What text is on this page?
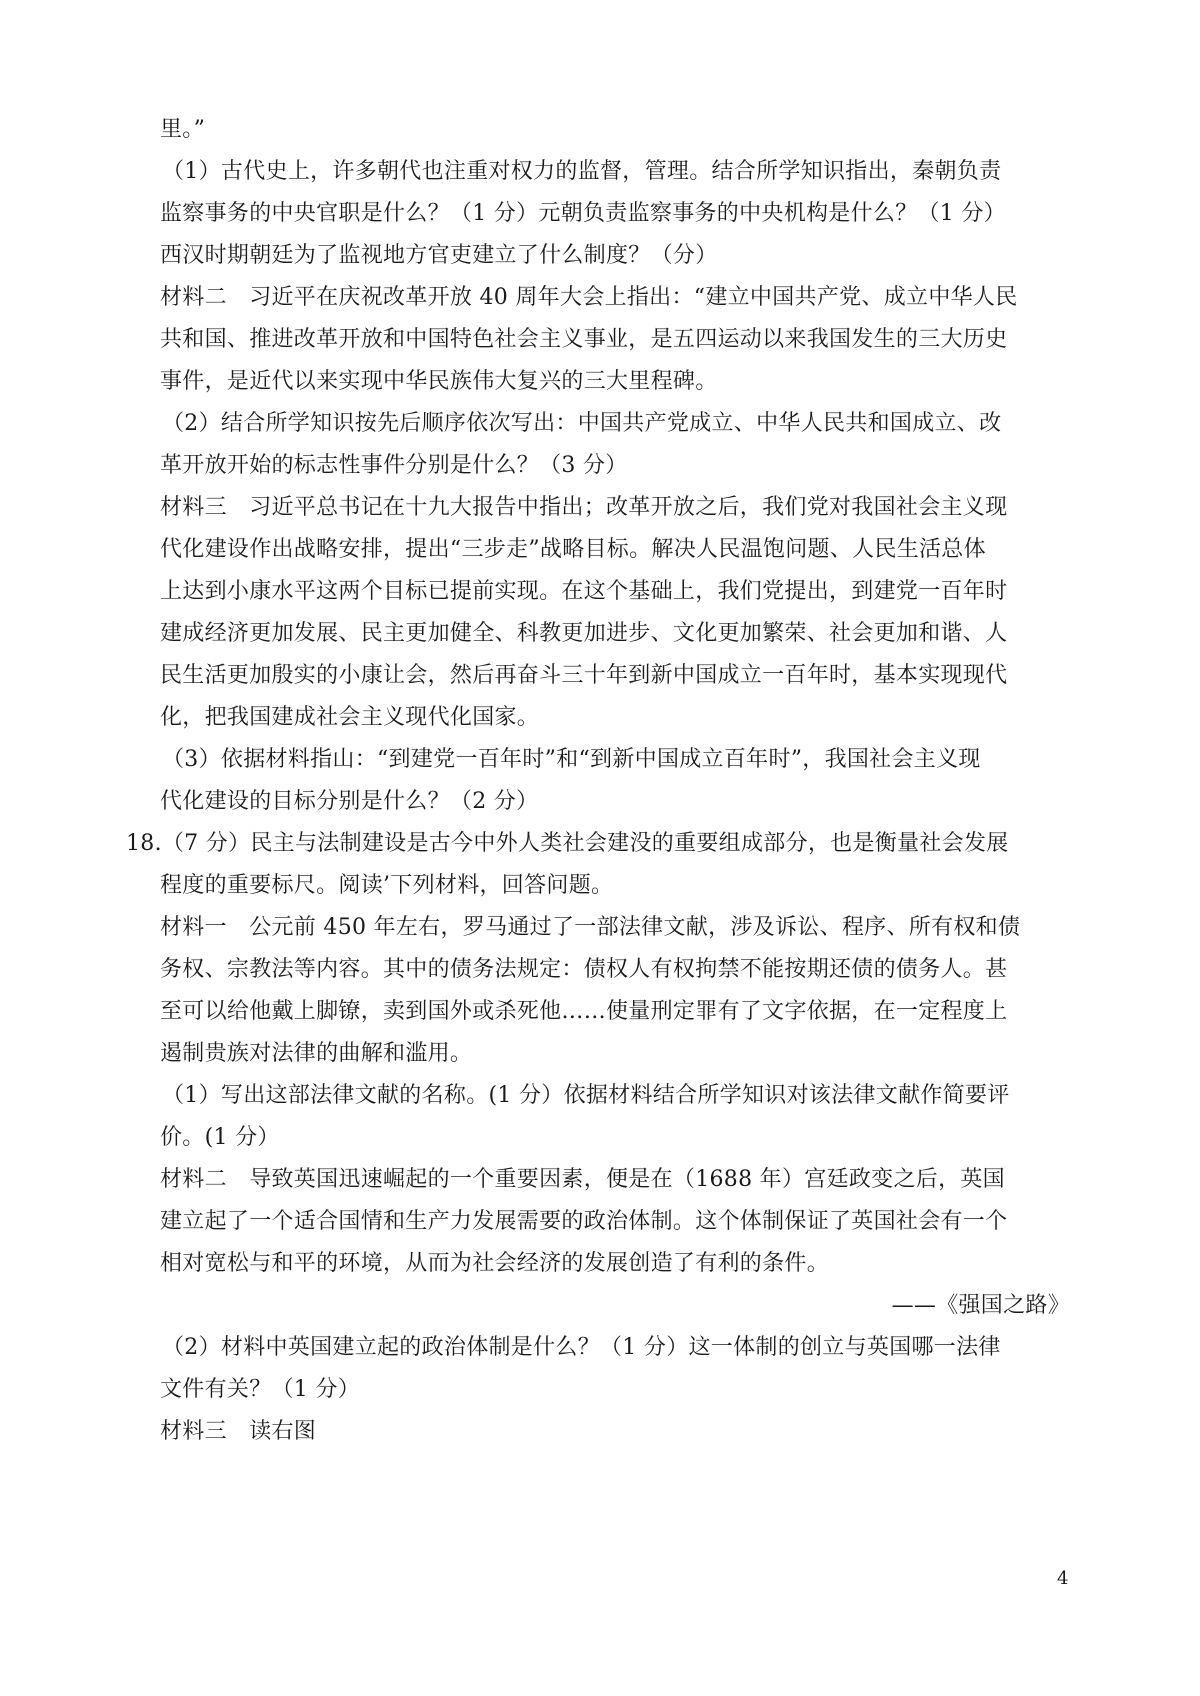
里。”
（1）古代史上，许多朝代也注重对权力的监督，管理。结合所学知识指出，秦朝负责
监察事务的中央官职是什么？（1 分）元朝负责监察事务的中央机构是什么？（1 分）
西汉时期朝廷为了监视地方官吏建立了什么制度？（分）
材料二　习近平在庆祝改革开放 40 周年大会上指出：“建立中国共产党、成立中华人民
共和国、推进改革开放和中国特色社会主义事业，是五四运动以来我国发生的三大历史
事件，是近代以来实现中华民族伟大复兴的三大里程碑。
（2）结合所学知识按先后顺序依次写出：中国共产党成立、中华人民共和国成立、改
革开放开始的标志性事件分别是什么？（3 分）
材料三　习近平总书记在十九大报告中指出；改革开放之后，我们党对我国社会主义现
代化建设作出战略安排，提出“三步走”战略目标。解决人民温饱问题、人民生活总体
上达到小康水平这两个目标已提前实现。在这个基础上，我们党提出，到建党一百年时
建成经济更加发展、民主更加健全、科教更加进步、文化更加繁荣、社会更加和谐、人
民生活更加殷实的小康让会，然后再奋斗三十年到新中国成立一百年时，基本实现现代
化，把我国建成社会主义现代化国家。
（3）依据材料指山：“到建党一百年时”和“到新中国成立百年时”，我国社会主义现
代化建设的目标分别是什么？（2 分）
18.（7 分）民主与法制建设是古今中外人类社会建没的重要组成部分，也是衡量社会发展
程度的重要标尺。阅读’下列材料，回答问题。
材料一　公元前 450 年左右，罗马通过了一部法律文献，涉及诉讼、程序、所有权和债
务权、宗教法等内容。其中的债务法规定：债权人有权拘禁不能按期还债的债务人。甚
至可以给他戴上脚镣，卖到国外或杀死他……使量刑定罪有了文字依据，在一定程度上
遏制贵族对法律的曲解和滥用。
（1）写出这部法律文献的名称。(1 分）依据材料结合所学知识对该法律文献作简要评
价。(1 分）
材料二　导致英国迅速崛起的一个重要因素，便是在（1688 年）宫廷政变之后，英国
建立起了一个适合国情和生产力发展需要的政治体制。这个体制保证了英国社会有一个
相对宽松与和平的环境，从而为社会经济的发展创造了有利的条件。
——《强国之路》
（2）材料中英国建立起的政治体制是什么？（1 分）这一体制的创立与英国哪一法律
文件有关？（1 分）
材料三　读右图
4
